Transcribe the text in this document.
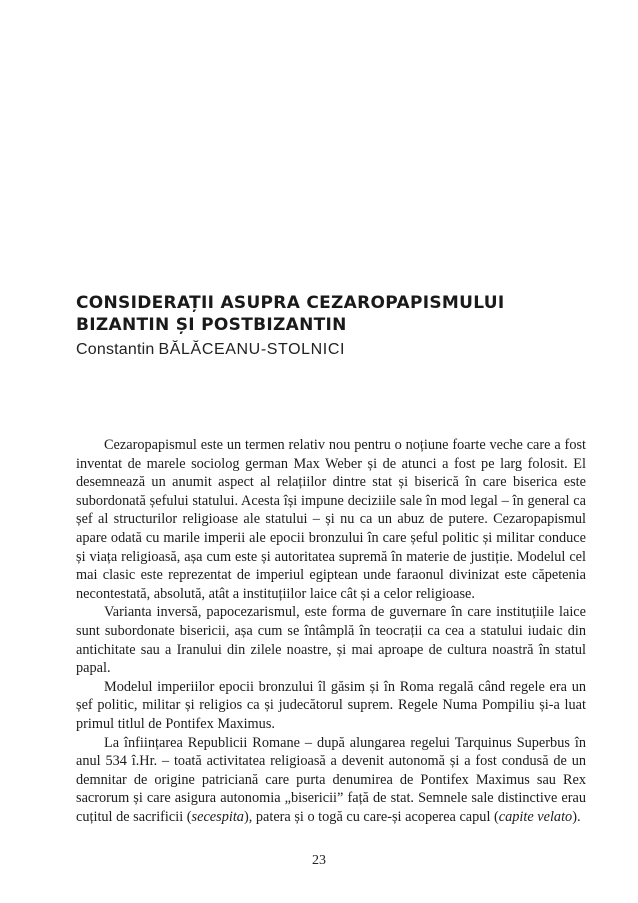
CONSIDERAȚII ASUPRA CEZAROPAPISMULUI
BIZANTIN ȘI POSTBIZANTIN
Constantin BĂLĂCEANU-STOLNICI

Cezaropapismul este un termen relativ nou pentru o noțiune foarte veche care a fost inventat de marele sociolog german Max Weber și de atunci a fost pe larg folosit. El desemnează un anumit aspect al relațiilor dintre stat și biserică în care biserica este subordonată șefului statului. Acesta își impune deciziile sale în mod legal – în general ca șef al structurilor religioase ale statului – și nu ca un abuz de putere. Cezaropapismul apare odată cu marile imperii ale epocii bronzului în care șeful politic și militar conduce și viața religioasă, așa cum este și autoritatea supremă în materie de justiție. Modelul cel mai clasic este reprezentat de imperiul egiptean unde faraonul divinizat este căpetenia necontestată, absolută, atât a instituțiilor laice cât și a celor religioase.

Varianta inversă, papocezarismul, este forma de guvernare în care instituțiile laice sunt subordonate bisericii, așa cum se întâmplă în teocrații ca cea a statului iudaic din antichitate sau a Iranului din zilele noastre, și mai aproape de cultura noastră în statul papal.

Modelul imperiilor epocii bronzului îl găsim și în Roma regală când regele era un șef politic, militar și religios ca și judecătorul suprem. Regele Numa Pompiliu și-a luat primul titlul de Pontifex Maximus.

La înființarea Republicii Romane – după alungarea regelui Tarquinus Superbus în anul 534 î.Hr. – toată activitatea religioasă a devenit autonomă și a fost condusă de un demnitar de origine patriciană care purta denumirea de Pontifex Maximus sau Rex sacrorum și care asigura autonomia „bisericii” față de stat. Semnele sale distinctive erau cuțitul de sacrificii (secespita), patera și o togă cu care-și acoperea capul (capite velato).

23
